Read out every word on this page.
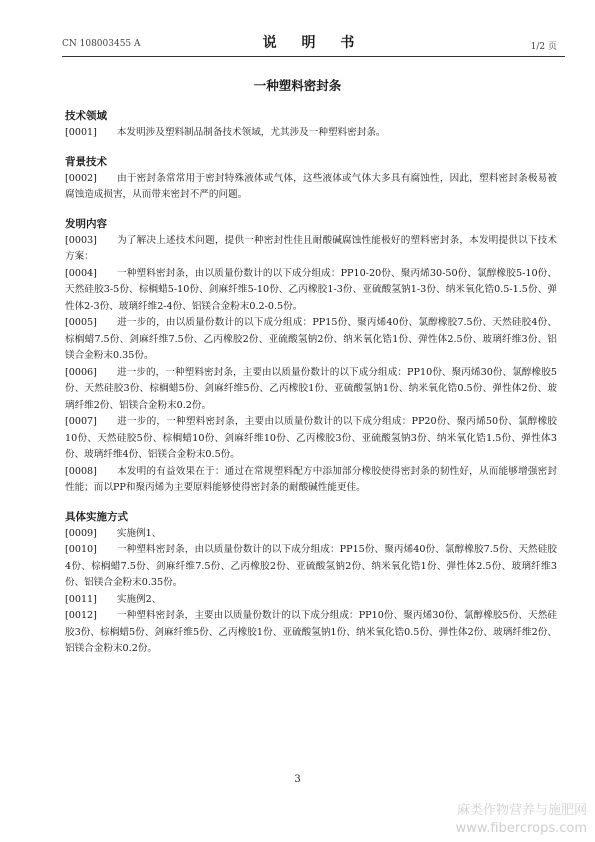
CN 108003455 A	说 明 书	1/2 页
一种塑料密封条
技术领域

[0001] 本发明涉及塑料制品制备技术领域，尤其涉及一种塑料密封条。

背景技术

[0002] 由于密封条常常用于密封特殊液体或气体，这些液体或气体大多具有腐蚀性，因此，塑料密封条极易被腐蚀造成损害，从而带来密封不严的问题。

发明内容

[0003] 为了解决上述技术问题，提供一种密封性佳且耐酸碱腐蚀性能极好的塑料密封条，本发明提供以下技术方案：

[0004] 一种塑料密封条，由以质量份数计的以下成分组成：PP10-20份、聚丙烯30-50份、氯醇橡胶5-10份、天然硅胶3-5份、棕榈蜡5-10份、剑麻纤维5-10份、乙丙橡胶1-3份、亚硫酸氢钠1-3份、纳米氧化锆0.5-1.5份、弹性体2-3份、玻璃纤维2-4份、铝镁合金粉末0.2-0.5份。

[0005] 进一步的，由以质量份数计的以下成分组成：PP15份、聚丙烯40份、氯醇橡胶7.5份、天然硅胶4份、棕榈蜡7.5份、剑麻纤维7.5份、乙丙橡胶2份、亚硫酸氢钠2份、纳米氧化锆1份、弹性体2.5份、玻璃纤维3份、铝镁合金粉末0.35份。

[0006] 进一步的，一种塑料密封条，主要由以质量份数计的以下成分组成：PP10份、聚丙烯30份、氯醇橡胶5份、天然硅胶3份、棕榈蜡5份、剑麻纤维5份、乙丙橡胶1份、亚硫酸氢钠1份、纳米氧化锆0.5份、弹性体2份、玻璃纤维2份、铝镁合金粉末0.2份。

[0007] 进一步的，一种塑料密封条，主要由以质量份数计的以下成分组成：PP20份、聚丙烯50份、氯醇橡胶10份、天然硅胶5份、棕榈蜡10份、剑麻纤维10份、乙丙橡胶3份、亚硫酸氢钠3份、纳米氧化锆1.5份、弹性体3份、玻璃纤维4份、铝镁合金粉末0.5份。

[0008] 本发明的有益效果在于：通过在常规塑料配方中添加部分橡胶使得密封条的韧性好，从而能够增强密封性能；而以PP和聚丙烯为主要原料能够使得密封条的耐酸碱性能更佳。

具体实施方式

[0009] 实施例1、

[0010] 一种塑料密封条，由以质量份数计的以下成分组成：PP15份、聚丙烯40份、氯醇橡胶7.5份、天然硅胶4份、棕榈蜡7.5份、剑麻纤维7.5份、乙丙橡胶2份、亚硫酸氢钠2份、纳米氧化锆1份、弹性体2.5份、玻璃纤维3份、铝镁合金粉末0.35份。

[0011] 实施例2、

[0012] 一种塑料密封条，主要由以质量份数计的以下成分组成：PP10份、聚丙烯30份、氯醇橡胶5份、天然硅胶3份、棕榈蜡5份、剑麻纤维5份、乙丙橡胶1份、亚硫酸氢钠1份、纳米氧化锆0.5份、弹性体2份、玻璃纤维2份、铝镁合金粉末0.2份。

3
麻类作物营养与施肥网
www.fibercrops.com
